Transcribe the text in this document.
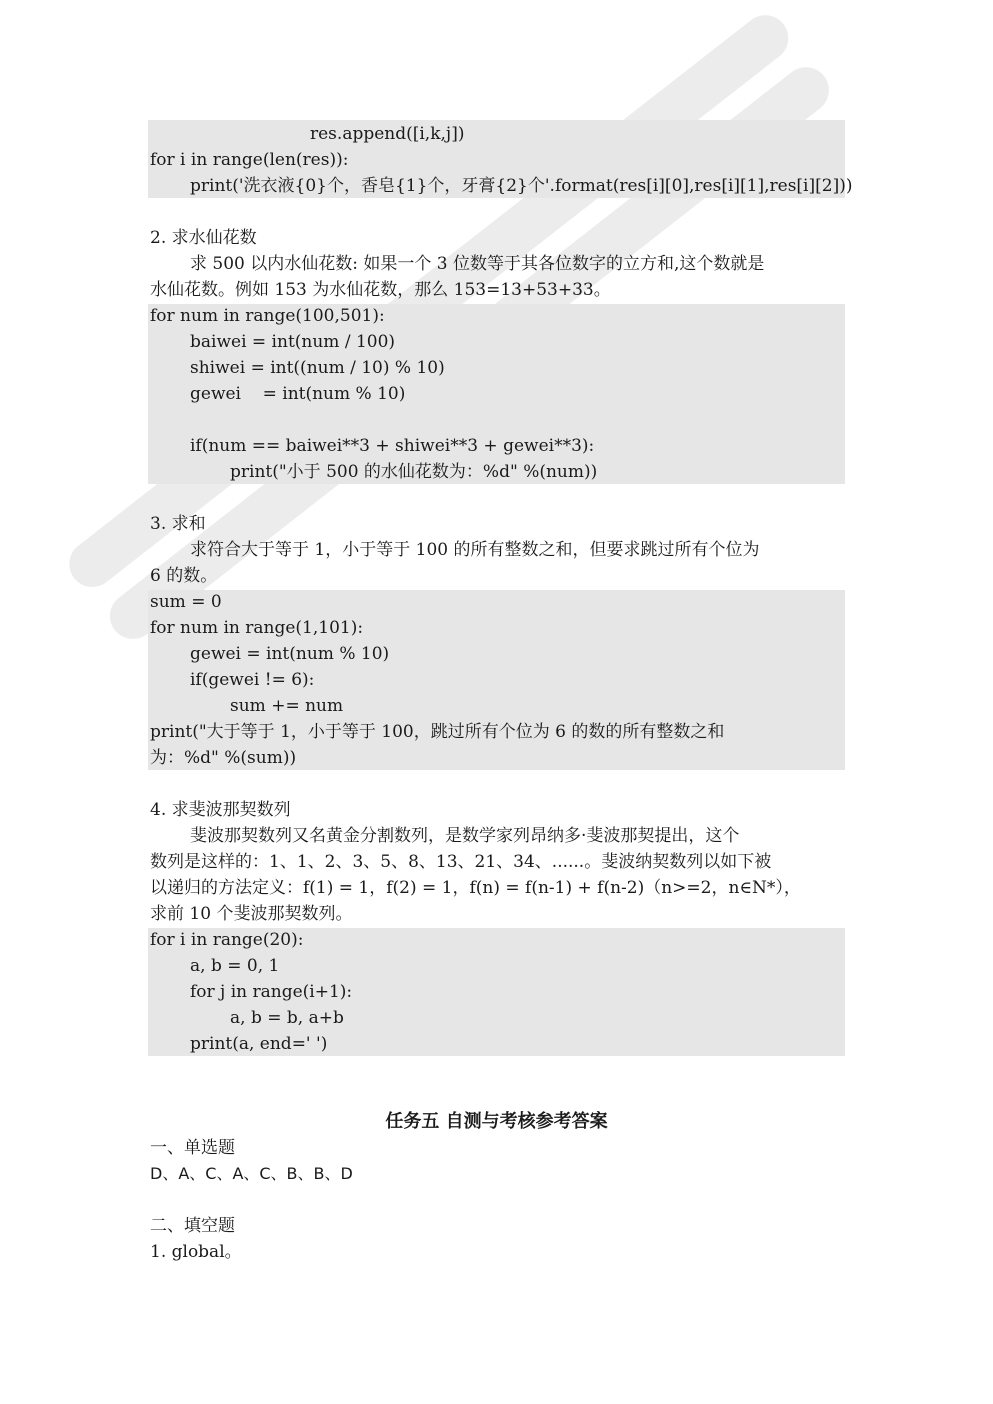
res.append([i,k,j])
for i in range(len(res)):
print('洗衣液{0}个，香皂{1}个，牙膏{2}个'.format(res[i][0],res[i][1],res[i][2]))
2. 求水仙花数
求 500 以内水仙花数: 如果一个 3 位数等于其各位数字的立方和,这个数就是
水仙花数。例如 153 为水仙花数，那么 153=13+53+33。
for num in range(100,501):
baiwei = int(num / 100)
shiwei = int((num / 10) % 10)
gewei    = int(num % 10)
if(num == baiwei**3 + shiwei**3 + gewei**3):
print("小于 500 的水仙花数为：%d" %(num))
3. 求和
求符合大于等于 1，小于等于 100 的所有整数之和，但要求跳过所有个位为
6 的数。
sum = 0
for num in range(1,101):
gewei = int(num % 10)
if(gewei != 6):
sum += num
print("大于等于 1，小于等于 100，跳过所有个位为 6 的数的所有整数之和
为：%d" %(sum))
4. 求斐波那契数列
斐波那契数列又名黄金分割数列，是数学家列昂纳多·斐波那契提出，这个
数列是这样的：1、1、2、3、5、8、13、21、34、......。斐波纳契数列以如下被
以递归的方法定义：f(1) = 1，f(2) = 1，f(n) = f(n-1) + f(n-2)（n>=2，n∈N*），
求前 10 个斐波那契数列。
for i in range(20):
a, b = 0, 1
for j in range(i+1):
a, b = b, a+b
print(a, end=' ')
任务五 自测与考核参考答案
一、单选题
D、A、C、A、C、B、B、D
二、填空题
1. global。
